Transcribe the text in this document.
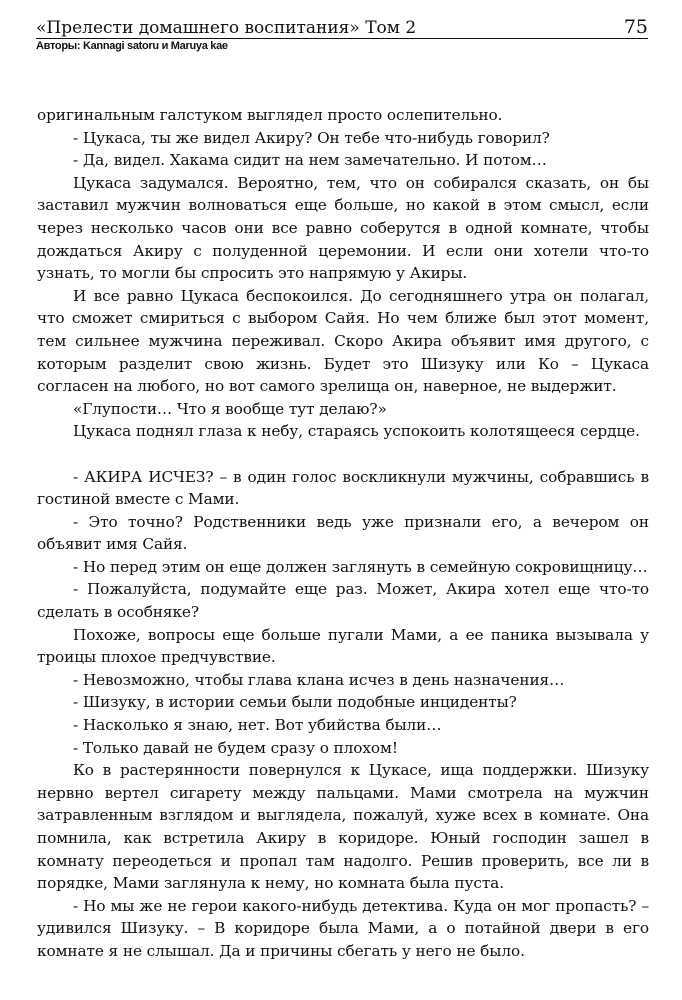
«Прелести домашнего воспитания» Том 2	75
Авторы: Kannagi satoru и Maruya kae

оригинальным галстуком выглядел просто ослепительно.

- Цукаса, ты же видел Акиру? Он тебе что-нибудь говорил?

- Да, видел. Хакама сидит на нем замечательно. И потом…

Цукаса задумался. Вероятно, тем, что он собирался сказать, он бы заставил мужчин волноваться еще больше, но какой в этом смысл, если через несколько часов они все равно соберутся в одной комнате, чтобы дождаться Акиру с полуденной церемонии. И если они хотели что-то узнать, то могли бы спросить это напрямую у Акиры.

И все равно Цукаса беспокоился. До сегодняшнего утра он полагал, что сможет смириться с выбором Сайя. Но чем ближе был этот момент, тем сильнее мужчина переживал. Скоро Акира объявит имя другого, с которым разделит свою жизнь. Будет это Шизуку или Ко – Цукаса согласен на любого, но вот самого зрелища он, наверное, не выдержит.

«Глупости… Что я вообще тут делаю?»

Цукаса поднял глаза к небу, стараясь успокоить колотящееся сердце.

- АКИРА ИСЧЕЗ? – в один голос воскликнули мужчины, собравшись в гостиной вместе с Мами.

- Это точно? Родственники ведь уже признали его, а вечером он объявит имя Сайя.

- Но перед этим он еще должен заглянуть в семейную сокровищницу…

- Пожалуйста, подумайте еще раз. Может, Акира хотел еще что-то сделать в особняке?

Похоже, вопросы еще больше пугали Мами, а ее паника вызывала у троицы плохое предчувствие.

- Невозможно, чтобы глава клана исчез в день назначения…

- Шизуку, в истории семьи были подобные инциденты?

- Насколько я знаю, нет. Вот убийства были…

- Только давай не будем сразу о плохом!

Ко в растерянности повернулся к Цукасе, ища поддержки. Шизуку нервно вертел сигарету между пальцами. Мами смотрела на мужчин затравленным взглядом и выглядела, пожалуй, хуже всех в комнате. Она помнила, как встретила Акиру в коридоре. Юный господин зашел в комнату переодеться и пропал там надолго. Решив проверить, все ли в порядке, Мами заглянула к нему, но комната была пуста.

- Но мы же не герои какого-нибудь детектива. Куда он мог пропасть? – удивился Шизуку. – В коридоре была Мами, а о потайной двери в его комнате я не слышал. Да и причины сбегать у него не было.
